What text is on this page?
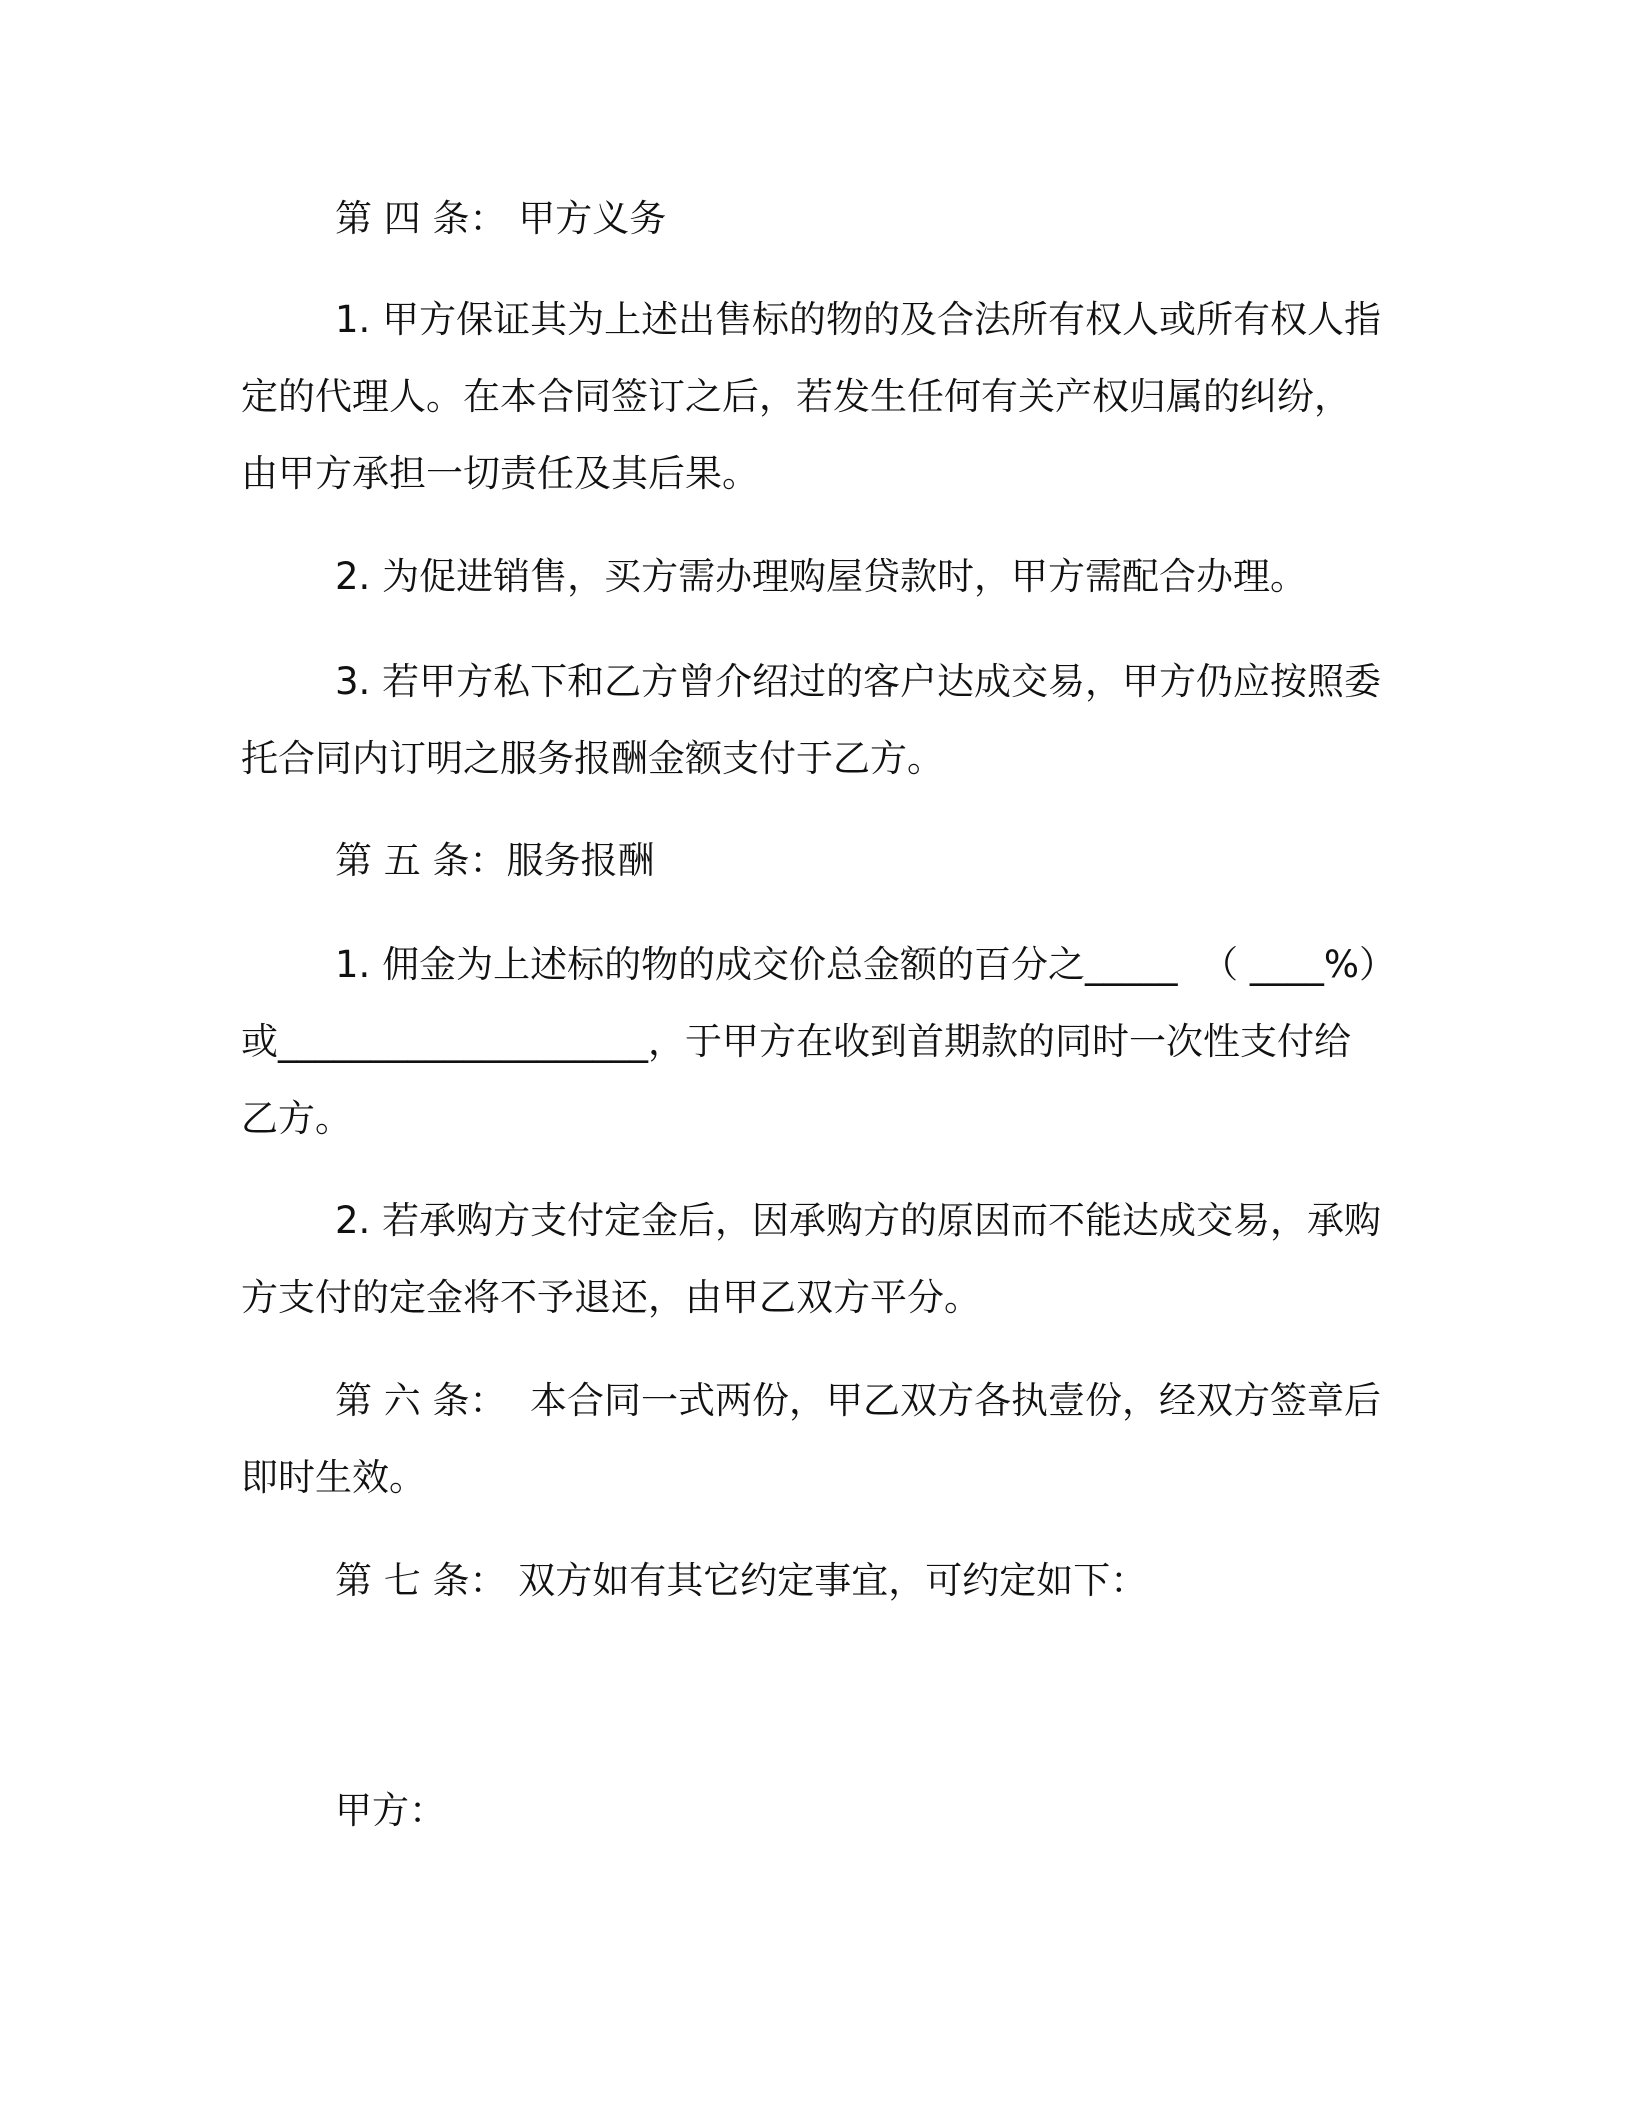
第 四 条： 甲方义务

1. 甲方保证其为上述出售标的物的及合法所有权人或所有权人指
定的代理人。在本合同签订之后，若发生任何有关产权归属的纠纷，
由甲方承担一切责任及其后果。

2. 为促进销售，买方需办理购屋贷款时，甲方需配合办理。

3. 若甲方私下和乙方曾介绍过的客户达成交易，甲方仍应按照委
托合同内订明之服务报酬金额支付于乙方。

第 五 条：服务报酬

1. 佣金为上述标的物的成交价总金额的百分之_____  （ ____%）
或____________________，于甲方在收到首期款的同时一次性支付给
乙方。
2. 若承购方支付定金后，因承购方的原因而不能达成交易，承购
方支付的定金将不予退还，由甲乙双方平分。
第 六 条：  本合同一式两份，甲乙双方各执壹份，经双方签章后
即时生效。

第 七 条： 双方如有其它约定事宜，可约定如下：

甲方：
